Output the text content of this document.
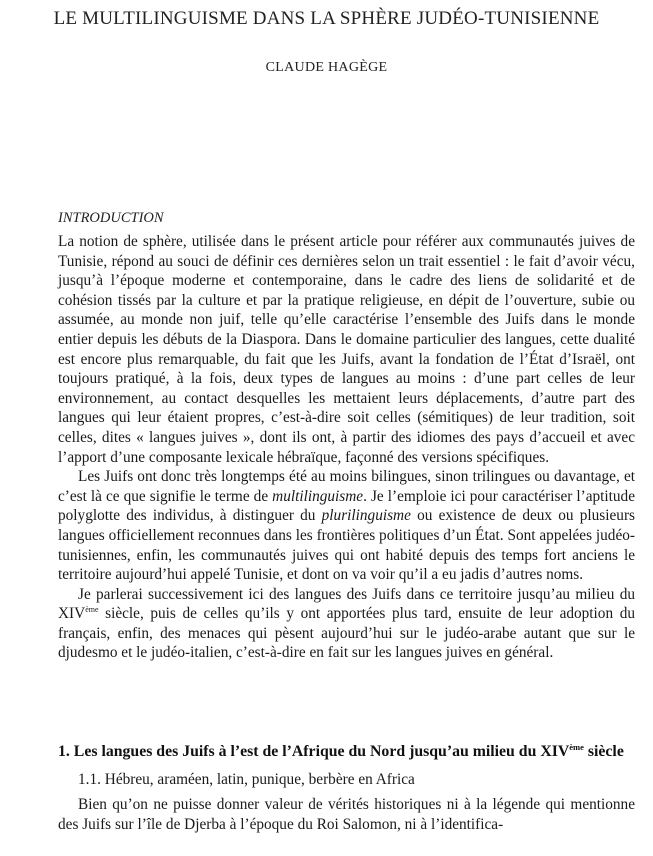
LE MULTILINGUISME DANS LA SPHÈRE JUDÉO-TUNISIENNE
CLAUDE HAGÈGE
INTRODUCTION

La notion de sphère, utilisée dans le présent article pour référer aux communautés juives de Tunisie, répond au souci de définir ces dernières selon un trait essentiel : le fait d’avoir vécu, jusqu’à l’époque moderne et contemporaine, dans le cadre des liens de solidarité et de cohésion tissés par la culture et par la pratique religieuse, en dépit de l’ouverture, subie ou assumée, au monde non juif, telle qu’elle caractérise l’ensemble des Juifs dans le monde entier depuis les débuts de la Diaspora. Dans le domaine particulier des langues, cette dualité est encore plus remarquable, du fait que les Juifs, avant la fondation de l’État d’Israël, ont toujours pratiqué, à la fois, deux types de langues au moins : d’une part celles de leur environnement, au contact desquelles les mettaient leurs déplacements, d’autre part des langues qui leur étaient propres, c’est-à-dire soit celles (sémitiques) de leur tradition, soit celles, dites « langues juives », dont ils ont, à partir des idiomes des pays d’accueil et avec l’apport d’une composante lexicale hébraïque, façonné des versions spécifiques.

Les Juifs ont donc très longtemps été au moins bilingues, sinon trilingues ou davantage, et c’est là ce que signifie le terme de multilinguisme. Je l’emploie ici pour caractériser l’aptitude polyglotte des individus, à distinguer du plurilinguisme ou existence de deux ou plusieurs langues officiellement reconnues dans les frontières politiques d’un État. Sont appelées judéo-tunisiennes, enfin, les communautés juives qui ont habité depuis des temps fort anciens le territoire aujourd’hui appelé Tunisie, et dont on va voir qu’il a eu jadis d’autres noms.

Je parlerai successivement ici des langues des Juifs dans ce territoire jusqu’au milieu du XIVème siècle, puis de celles qu’ils y ont apportées plus tard, ensuite de leur adoption du français, enfin, des menaces qui pèsent aujourd’hui sur le judéo-arabe autant que sur le djudesmo et le judéo-italien, c’est-à-dire en fait sur les langues juives en général.

1. Les langues des Juifs à l’est de l’Afrique du Nord jusqu’au milieu du XIVème siècle
1.1. Hébreu, araméen, latin, punique, berbère en Africa

Bien qu’on ne puisse donner valeur de vérités historiques ni à la légende qui mentionne des Juifs sur l’île de Djerba à l’époque du Roi Salomon, ni à l’identifica-
